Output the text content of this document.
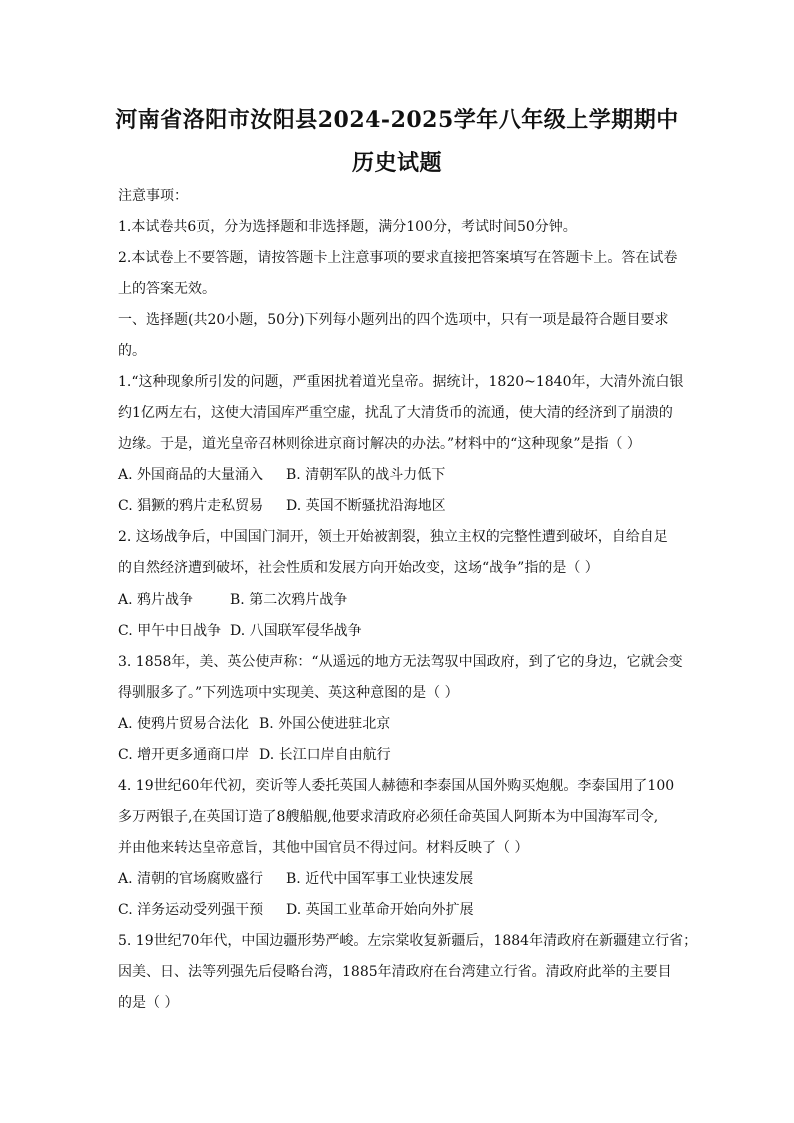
河南省洛阳市汝阳县2024-2025学年八年级上学期期中
历史试题
注意事项：
1.本试卷共6页，分为选择题和非选择题，满分100分，考试时间50分钟。
2.本试卷上不要答题，请按答题卡上注意事项的要求直接把答案填写在答题卡上。答在试卷
上的答案无效。
一、选择题(共20小题，50分)下列每小题列出的四个选项中，只有一项是最符合题目要求
的。
1.“这种现象所引发的问题，严重困扰着道光皇帝。据统计，1820~1840年，大清外流白银
约1亿两左右，这使大清国库严重空虚，扰乱了大清货币的流通，使大清的经济到了崩溃的
边缘。于是，道光皇帝召林则徐进京商讨解决的办法。”材料中的“这种现象”是指（ ）
A. 外国商品的大量涌入 B. 清朝军队的战斗力低下
C. 猖獗的鸦片走私贸易 D. 英国不断骚扰沿海地区
2. 这场战争后，中国国门洞开，领土开始被割裂，独立主权的完整性遭到破坏，自给自足
的自然经济遭到破坏，社会性质和发展方向开始改变，这场“战争”指的是（ ）
A. 鸦片战争	B. 第二次鸦片战争
C. 甲午中日战争 D. 八国联军侵华战争
3. 1858年，美、英公使声称：“从遥远的地方无法驾驭中国政府，到了它的身边，它就会变
得驯服多了。”下列选项中实现美、英这种意图的是（ ）
A. 使鸦片贸易合法化 B. 外国公使进驻北京
C. 增开更多通商口岸 D. 长江口岸自由航行
4. 19世纪60年代初，奕䜣等人委托英国人赫德和李泰国从国外购买炮舰。李泰国用了100
多万两银子,在英国订造了8艘船舰,他要求清政府必须任命英国人阿斯本为中国海军司令,
并由他来转达皇帝意旨，其他中国官员不得过问。材料反映了（ ）
A. 清朝的官场腐败盛行 B. 近代中国军事工业快速发展
C. 洋务运动受列强干预 D. 英国工业革命开始向外扩展
5. 19世纪70年代，中国边疆形势严峻。左宗棠收复新疆后，1884年清政府在新疆建立行省；
因美、日、法等列强先后侵略台湾，1885年清政府在台湾建立行省。清政府此举的主要目
的是（ ）
